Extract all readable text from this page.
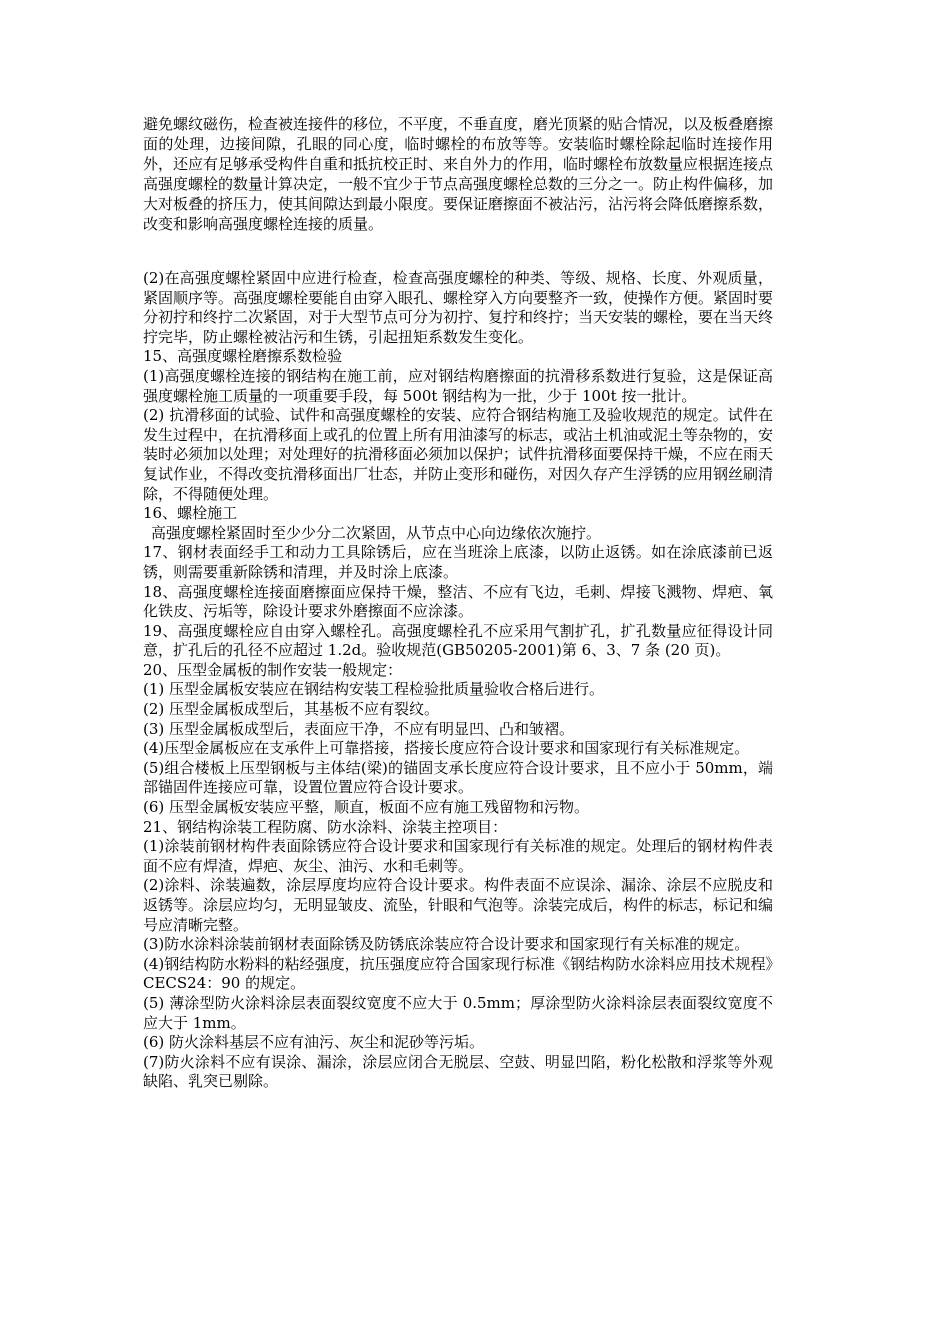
避免螺纹磁伤，检查被连接件的移位，不平度，不垂直度，磨光顶紧的贴合情况，以及板叠磨擦面的处理，边接间隙，孔眼的同心度，临时螺栓的布放等等。安装临时螺栓除起临时连接作用外，还应有足够承受构件自重和抵抗校正时、来自外力的作用，临时螺栓布放数量应根据连接点高强度螺栓的数量计算决定，一般不宜少于节点高强度螺栓总数的三分之一。防止构件偏移，加大对板叠的挤压力，使其间隙达到最小限度。要保证磨擦面不被沾污，沾污将会降低磨擦系数，改变和影响高强度螺栓连接的质量。

(2)在高强度螺栓紧固中应进行检查，检查高强度螺栓的种类、等级、规格、长度、外观质量，紧固顺序等。高强度螺栓要能自由穿入眼孔、螺栓穿入方向要整齐一致，使操作方便。紧固时要分初拧和终拧二次紧固，对于大型节点可分为初拧、复拧和终拧；当天安装的螺栓，要在当天终拧完毕，防止螺栓被沾污和生锈，引起扭矩系数发生变化。

15、高强度螺栓磨擦系数检验

(1)高强度螺栓连接的钢结构在施工前，应对钢结构磨擦面的抗滑移系数进行复验，这是保证高强度螺栓施工质量的一项重要手段，每 500t 钢结构为一批，少于 100t 按一批计。

(2) 抗滑移面的试验、试件和高强度螺栓的安装、应符合钢结构施工及验收规范的规定。试件在发生过程中，在抗滑移面上或孔的位置上所有用油漆写的标志，或沾土机油或泥土等杂物的，安装时必须加以处理；对处理好的抗滑移面必须加以保护；试件抗滑移面要保持干燥，不应在雨天复试作业，不得改变抗滑移面出厂壮态，并防止变形和碰伤，对因久存产生浮锈的应用钢丝刷清除，不得随便处理。

16、螺栓施工

高强度螺栓紧固时至少少分二次紧固，从节点中心向边缘依次施拧。

17、钢材表面经手工和动力工具除锈后，应在当班涂上底漆，以防止返锈。如在涂底漆前已返锈，则需要重新除锈和清理，并及时涂上底漆。

18、高强度螺栓连接面磨擦面应保持干燥，整洁、不应有飞边，毛刺、焊接飞溅物、焊疤、氧化铁皮、污垢等，除设计要求外磨擦面不应涂漆。

19、高强度螺栓应自由穿入螺栓孔。高强度螺栓孔不应采用气割扩孔，扩孔数量应征得设计同意，扩孔后的孔径不应超过 1.2d。验收规范(GB50205-2001)第 6、3、7 条 (20 页)。

20、压型金属板的制作安装一般规定：

(1) 压型金属板安装应在钢结构安装工程检验批质量验收合格后进行。

(2) 压型金属板成型后，其基板不应有裂纹。

(3) 压型金属板成型后，表面应干净，不应有明显凹、凸和皱褶。

(4)压型金属板应在支承件上可靠搭接，搭接长度应符合设计要求和国家现行有关标准规定。

(5)组合楼板上压型钢板与主体结(梁)的锚固支承长度应符合设计要求，且不应小于 50mm，端部锚固件连接应可靠，设置位置应符合设计要求。

(6) 压型金属板安装应平整，顺直，板面不应有施工残留物和污物。

21、钢结构涂装工程防腐、防水涂料、涂装主控项目：

(1)涂装前钢材构件表面除锈应符合设计要求和国家现行有关标准的规定。处理后的钢材构件表面不应有焊渣，焊疤、灰尘、油污、水和毛刺等。

(2)涂料、涂装遍数，涂层厚度均应符合设计要求。构件表面不应误涂、漏涂、涂层不应脱皮和返锈等。涂层应均匀，无明显皱皮、流坠，针眼和气泡等。涂装完成后，构件的标志，标记和编号应清晰完整。

(3)防水涂料涂装前钢材表面除锈及防锈底涂装应符合设计要求和国家现行有关标准的规定。

(4)钢结构防水粉料的粘经强度，抗压强度应符合国家现行标准《钢结构防水涂料应用技术规程》CECS24：90 的规定。

(5) 薄涂型防火涂料涂层表面裂纹宽度不应大于 0.5mm；厚涂型防火涂料涂层表面裂纹宽度不应大于 1mm。

(6) 防火涂料基层不应有油污、灰尘和泥砂等污垢。

(7)防火涂料不应有误涂、漏涂，涂层应闭合无脱层、空鼓、明显凹陷，粉化松散和浮浆等外观缺陷、乳突已剔除。
